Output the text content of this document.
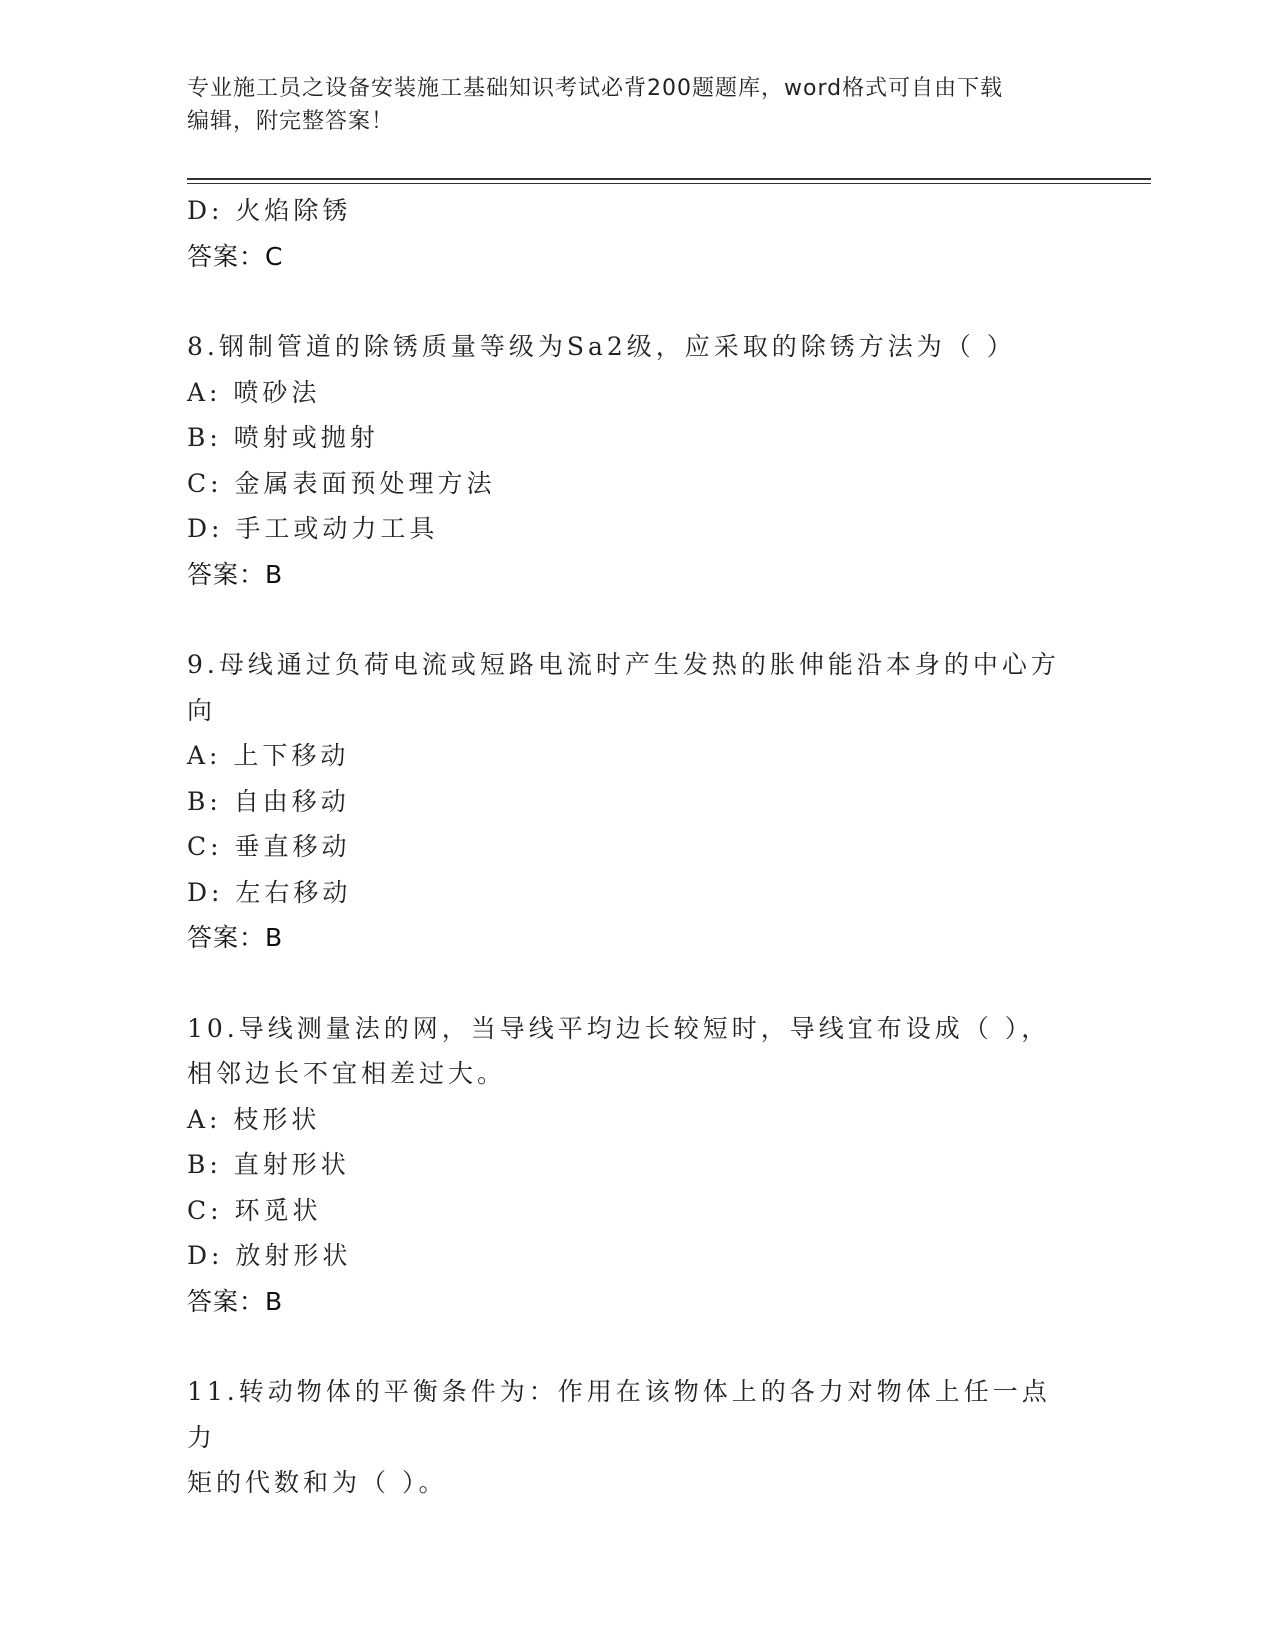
专业施工员之设备安装施工基础知识考试必背200题题库，word格式可自由下载
编辑，附完整答案！
D: 火焰除锈
答案：C
8.钢制管道的除锈质量等级为Sa2级，应采取的除锈方法为（ ）
A: 喷砂法
B: 喷射或抛射
C: 金属表面预处理方法
D: 手工或动力工具
答案：B
9.母线通过负荷电流或短路电流时产生发热的胀伸能沿本身的中心方
向
A: 上下移动
B: 自由移动
C: 垂直移动
D: 左右移动
答案：B
10.导线测量法的网，当导线平均边长较短时，导线宜布设成（ ），
相邻边长不宜相差过大。
A: 枝形状
B: 直射形状
C: 环觅状
D: 放射形状
答案：B
11.转动物体的平衡条件为：作用在该物体上的各力对物体上任一点力
矩的代数和为（ ）。
